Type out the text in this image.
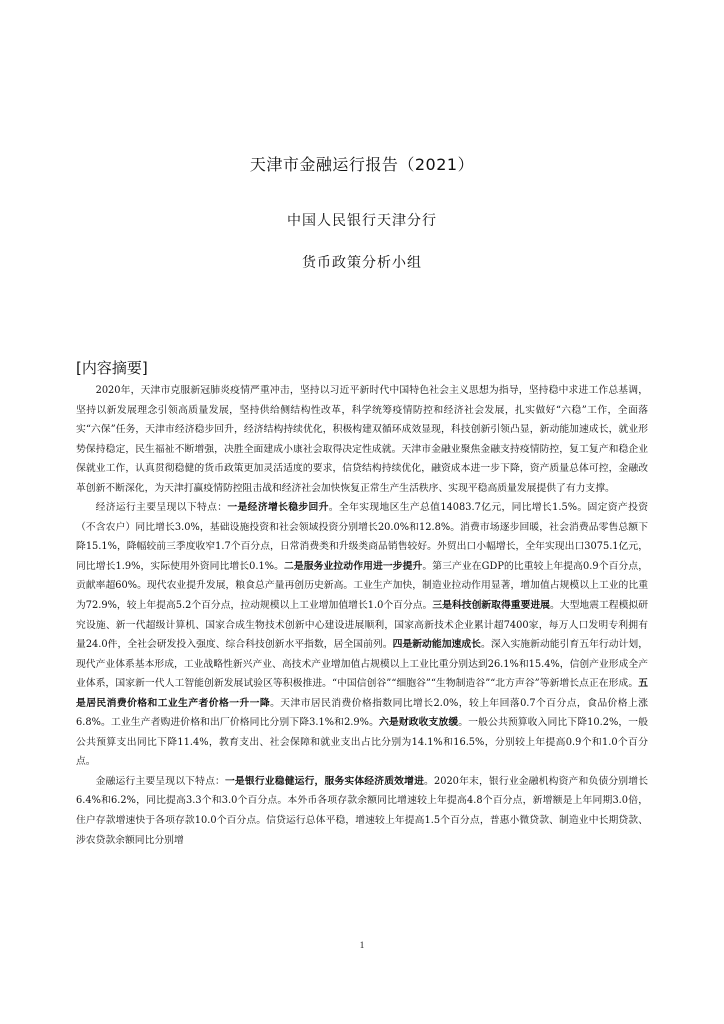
天津市金融运行报告（2021）
中国人民银行天津分行
货币政策分析小组
[内容摘要]

2020年，天津市克服新冠肺炎疫情严重冲击，坚持以习近平新时代中国特色社会主义思想为指导，坚持稳中求进工作总基调，坚持以新发展理念引领高质量发展，坚持供给侧结构性改革，科学统筹疫情防控和经济社会发展，扎实做好“六稳”工作，全面落实“六保”任务，天津市经济稳步回升，经济结构持续优化，积极构建双循环成效显现，科技创新引领凸显，新动能加速成长，就业形势保持稳定，民生福祉不断增强，决胜全面建成小康社会取得决定性成就。天津市金融业聚焦金融支持疫情防控，复工复产和稳企业保就业工作，认真贯彻稳健的货币政策更加灵活适度的要求，信贷结构持续优化，融资成本进一步下降，资产质量总体可控，金融改革创新不断深化，为天津打赢疫情防控阻击战和经济社会加快恢复正常生产生活秩序、实现平稳高质量发展提供了有力支撑。

经济运行主要呈现以下特点：一是经济增长稳步回升。全年实现地区生产总值14083.7亿元，同比增长1.5%。固定资产投资（不含农户）同比增长3.0%，基础设施投资和社会领域投资分别增长20.0%和12.8%。消费市场逐步回暖，社会消费品零售总额下降15.1%，降幅较前三季度收窄1.7个百分点，日常消费类和升级类商品销售较好。外贸出口小幅增长，全年实现出口3075.1亿元，同比增长1.9%，实际使用外资同比增长0.1%。二是服务业拉动作用进一步提升。第三产业在GDP的比重较上年提高0.9个百分点，贡献率超60%。现代农业提升发展，粮食总产量再创历史新高。工业生产加快，制造业拉动作用显著，增加值占规模以上工业的比重为72.9%，较上年提高5.2个百分点，拉动规模以上工业增加值增长1.0个百分点。三是科技创新取得重要进展。大型地震工程模拟研究设施、新一代超级计算机、国家合成生物技术创新中心建设进展顺利，国家高新技术企业累计超7400家，每万人口发明专利拥有量24.0件，全社会研发投入强度、综合科技创新水平指数，居全国前列。四是新动能加速成长。深入实施新动能引育五年行动计划，现代产业体系基本形成，工业战略性新兴产业、高技术产业增加值占规模以上工业比重分别达到26.1%和15.4%，信创产业形成全产业体系，国家新一代人工智能创新发展试验区等积极推进。“中国信创谷”“细胞谷”“生物制造谷”“北方声谷”等新增长点正在形成。五是居民消费价格和工业生产者价格一升一降。天津市居民消费价格指数同比增长2.0%，较上年回落0.7个百分点，食品价格上涨6.8%。工业生产者购进价格和出厂价格同比分别下降3.1%和2.9%。六是财政收支放缓。一般公共预算收入同比下降10.2%，一般公共预算支出同比下降11.4%，教育支出、社会保障和就业支出占比分别为14.1%和16.5%，分别较上年提高0.9个和1.0个百分点。

金融运行主要呈现以下特点：一是银行业稳健运行，服务实体经济质效增进。2020年末，银行业金融机构资产和负债分别增长6.4%和6.2%，同比提高3.3个和3.0个百分点。本外币各项存款余额同比增速较上年提高4.8个百分点，新增额是上年同期3.0倍，住户存款增速快于各项存款10.0个百分点。信贷运行总体平稳，增速较上年提高1.5个百分点，普惠小微贷款、制造业中长期贷款、涉农贷款余额同比分别增

1
